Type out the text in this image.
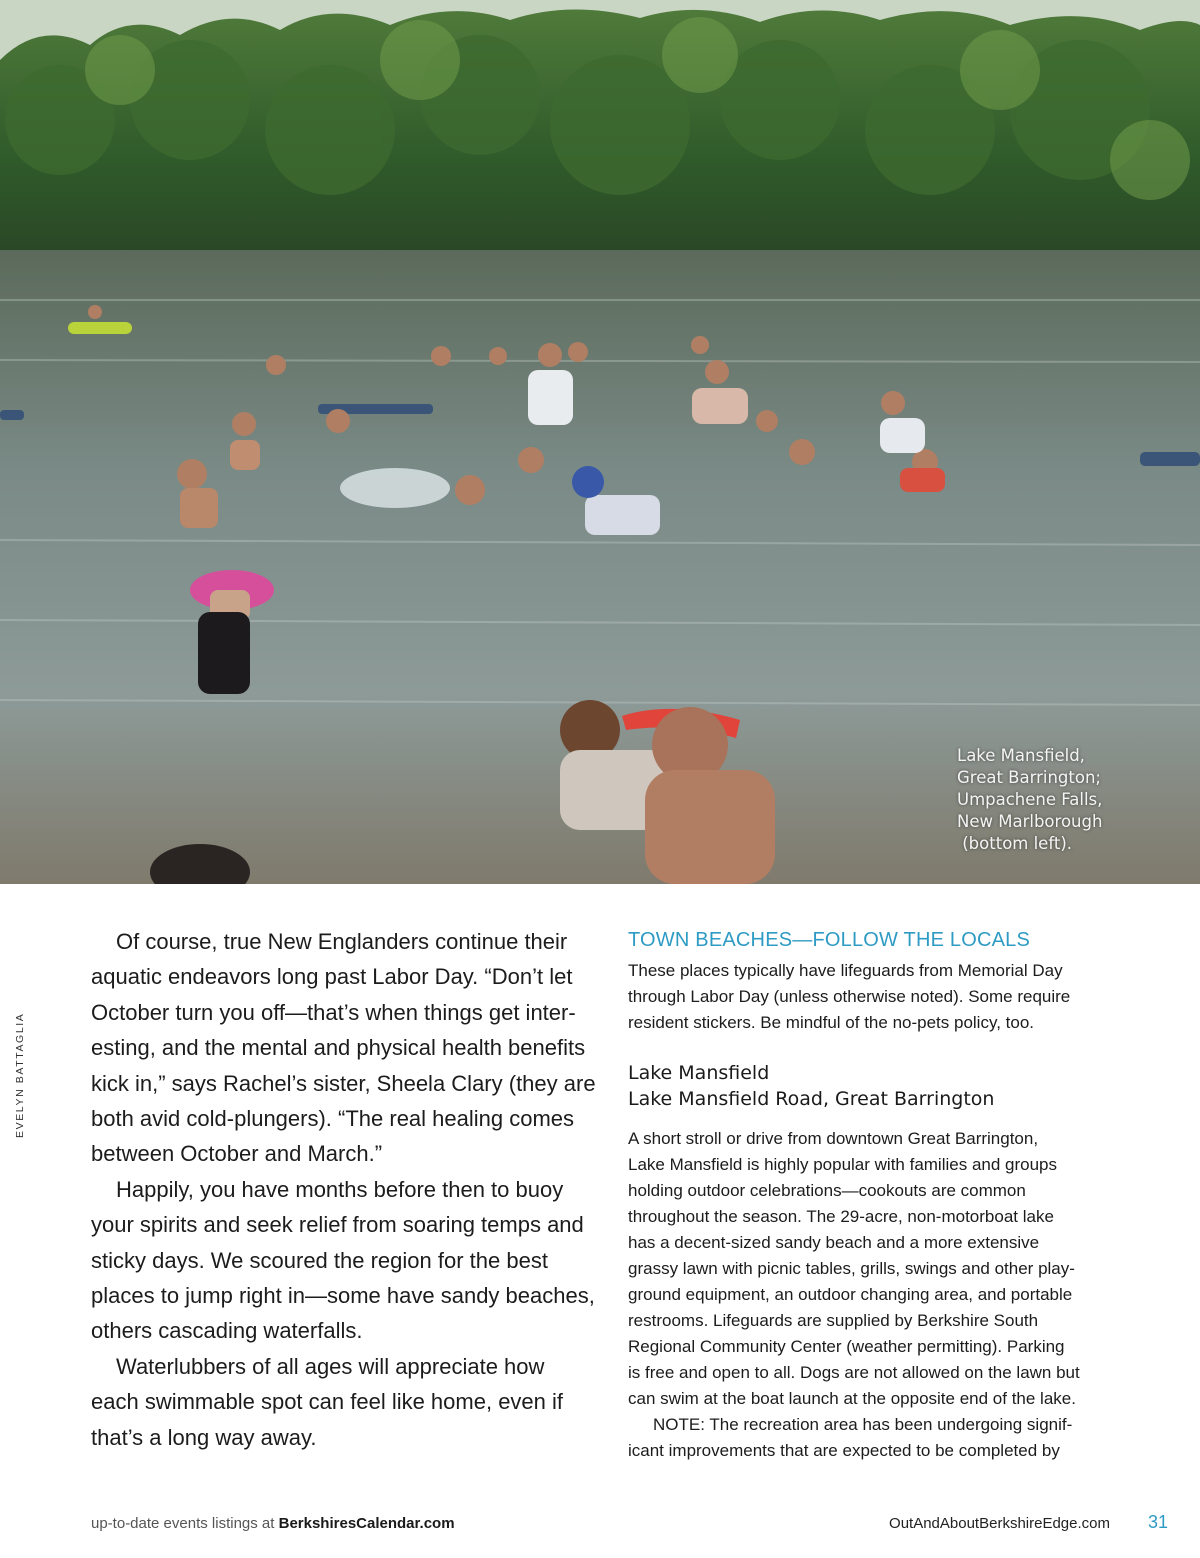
Lake Mansfield,
Great Barrington;
Umpachene Falls,
New Marlborough
(bottom left).
Of course, true New Englanders continue their
aquatic endeavors long past Labor Day. “Don’t let
October turn you off—that’s when things get inter-
esting, and the mental and physical health benefits
kick in,” says Rachel’s sister, Sheela Clary (they are
both avid cold-plungers). “The real healing comes
between October and March.”
Happily, you have months before then to buoy
your spirits and seek relief from soaring temps and
sticky days. We scoured the region for the best
places to jump right in—some have sandy beaches,
others cascading waterfalls.
Waterlubbers of all ages will appreciate how
each swimmable spot can feel like home, even if
that’s a long way away.
TOWN BEACHES—FOLLOW THE LOCALS
These places typically have lifeguards from Memorial Day
through Labor Day (unless otherwise noted). Some require
resident stickers. Be mindful of the no-pets policy, too.
Lake Mansfield
Lake Mansfield Road, Great Barrington
A short stroll or drive from downtown Great Barrington,
Lake Mansfield is highly popular with families and groups
holding outdoor celebrations—cookouts are common
throughout the season. The 29-acre, non-motorboat lake
has a decent-sized sandy beach and a more extensive
grassy lawn with picnic tables, grills, swings and other play-
ground equipment, an outdoor changing area, and portable
restrooms. Lifeguards are supplied by Berkshire South
Regional Community Center (weather permitting). Parking
is free and open to all. Dogs are not allowed on the lawn but
can swim at the boat launch at the opposite end of the lake.
NOTE: The recreation area has been undergoing signif-
icant improvements that are expected to be completed by
EVELYN BATTAGLIA
up-to-date events listings at BerkshiresCalendar.com	OutAndAboutBerkshireEdge.com 31
